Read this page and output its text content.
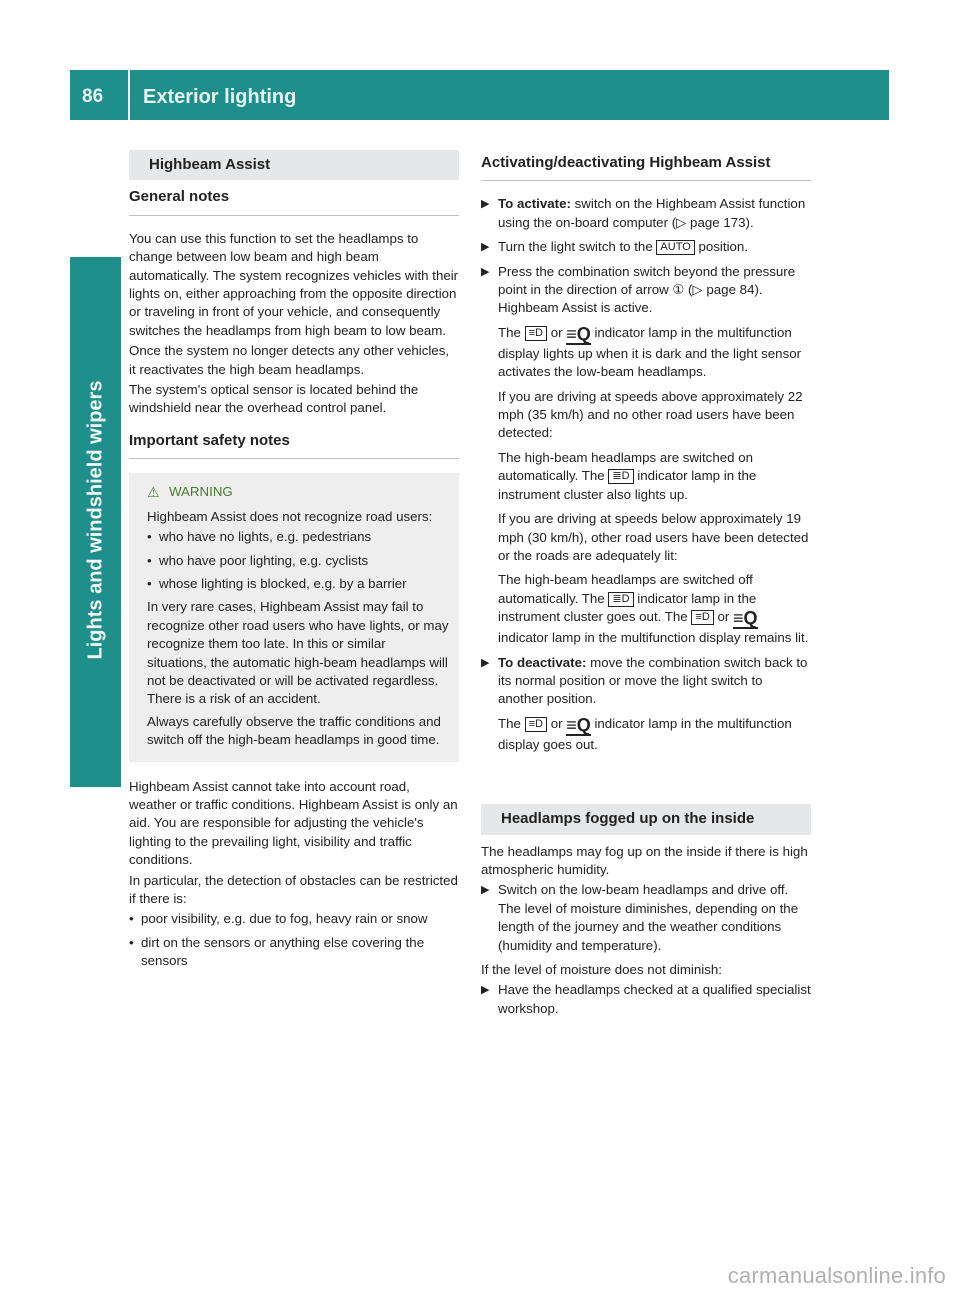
86 Exterior lighting
Lights and windshield wipers
Highbeam Assist
General notes

You can use this function to set the headlamps to change between low beam and high beam automatically. The system recognizes vehicles with their lights on, either approaching from the opposite direction or traveling in front of your vehicle, and consequently switches the headlamps from high beam to low beam.

Once the system no longer detects any other vehicles, it reactivates the high beam headlamps.

The system's optical sensor is located behind the windshield near the overhead control panel.

Important safety notes
⚠ WARNING

Highbeam Assist does not recognize road users:

• who have no lights, e.g. pedestrians
• who have poor lighting, e.g. cyclists
• whose lighting is blocked, e.g. by a barrier

In very rare cases, Highbeam Assist may fail to recognize other road users who have lights, or may recognize them too late. In this or similar situations, the automatic high-beam headlamps will not be deactivated or will be activated regardless. There is a risk of an accident.

Always carefully observe the traffic conditions and switch off the high-beam headlamps in good time.

Highbeam Assist cannot take into account road, weather or traffic conditions. Highbeam Assist is only an aid. You are responsible for adjusting the vehicle's lighting to the prevailing light, visibility and traffic conditions.

In particular, the detection of obstacles can be restricted if there is:

• poor visibility, e.g. due to fog, heavy rain or snow
• dirt on the sensors or anything else covering the sensors
Activating/deactivating Highbeam Assist
▶ To activate: switch on the Highbeam Assist function using the on-board computer (▷ page 173).
▶ Turn the light switch to the AUTO position.
▶ Press the combination switch beyond the pressure point in the direction of arrow ① (▷ page 84).
Highbeam Assist is active.
The ≡D or ≡Q indicator lamp in the multifunction display lights up when it is dark and the light sensor activates the low-beam headlamps.
If you are driving at speeds above approximately 22 mph (35 km/h) and no other road users have been detected:
The high-beam headlamps are switched on automatically. The ≣D indicator lamp in the instrument cluster also lights up.
If you are driving at speeds below approximately 19 mph (30 km/h), other road users have been detected or the roads are adequately lit:
The high-beam headlamps are switched off automatically. The ≣D indicator lamp in the instrument cluster goes out. The ≡D or ≡Q indicator lamp in the multifunction display remains lit.
▶ To deactivate: move the combination switch back to its normal position or move the light switch to another position.
The ≡D or ≡Q indicator lamp in the multifunction display goes out.
Headlamps fogged up on the inside

The headlamps may fog up on the inside if there is high atmospheric humidity.

▶ Switch on the low-beam headlamps and drive off.
The level of moisture diminishes, depending on the length of the journey and the weather conditions (humidity and temperature).

If the level of moisture does not diminish:

▶ Have the headlamps checked at a qualified specialist workshop.
carmanualsonline.info
